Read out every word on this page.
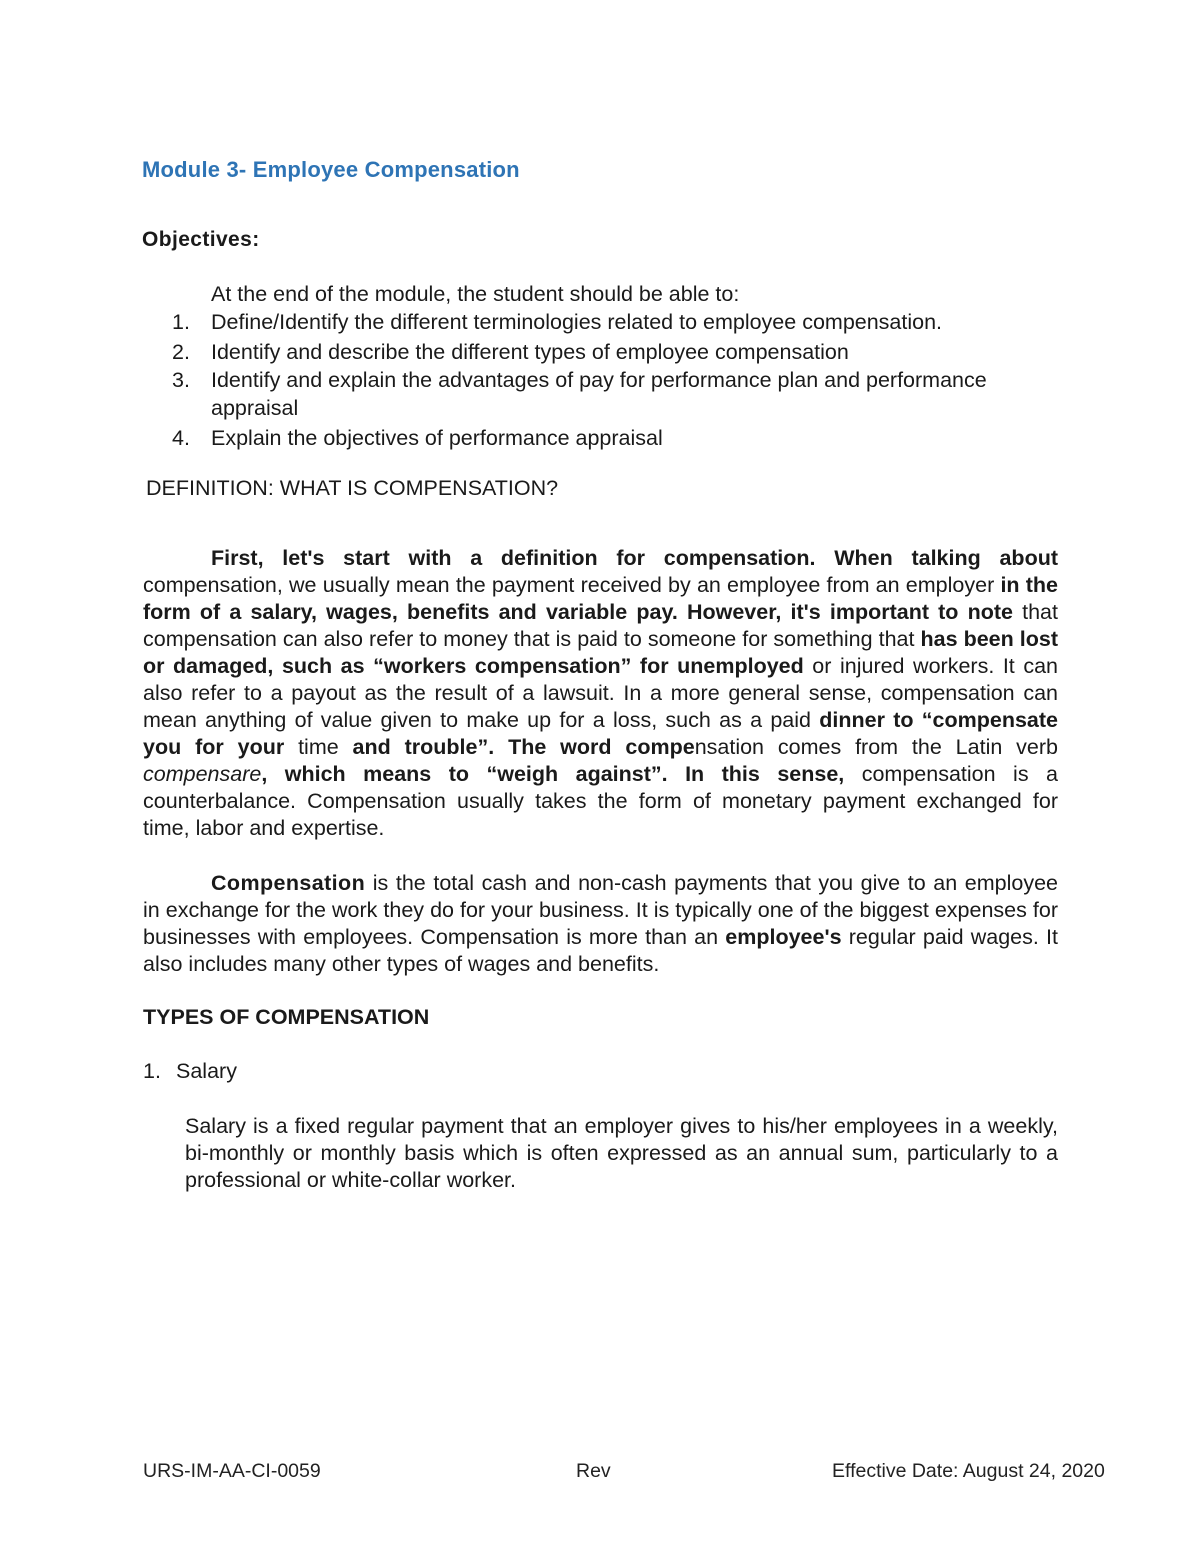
Module 3- Employee Compensation
Objectives:
At the end of the module, the student should be able to:
1. Define/Identify the different terminologies related to employee compensation.
2. Identify and describe the different types of employee compensation
3. Identify and explain the advantages of pay for performance plan and performance appraisal
4. Explain the objectives of performance appraisal
DEFINITION: WHAT IS COMPENSATION?

First, let's start with a definition for compensation. When talking about compensation, we usually mean the payment received by an employee from an employer in the form of a salary, wages, benefits and variable pay. However, it's important to note that compensation can also refer to money that is paid to someone for something that has been lost or damaged, such as “workers compensation” for unemployed or injured workers. It can also refer to a payout as the result of a lawsuit. In a more general sense, compensation can mean anything of value given to make up for a loss, such as a paid dinner to “compensate you for your time and trouble”. The word compensation comes from the Latin verb compensare, which means to “weigh against”. In this sense, compensation is a counterbalance. Compensation usually takes the form of monetary payment exchanged for time, labor and expertise.

Compensation is the total cash and non-cash payments that you give to an employee in exchange for the work they do for your business. It is typically one of the biggest expenses for businesses with employees. Compensation is more than an employee's regular paid wages. It also includes many other types of wages and benefits.

TYPES OF COMPENSATION
1. Salary

Salary is a fixed regular payment that an employer gives to his/her employees in a weekly, bi-monthly or monthly basis which is often expressed as an annual sum, particularly to a professional or white-collar worker.

URS-IM-AA-CI-0059	Rev	Effective Date: August 24, 2020
